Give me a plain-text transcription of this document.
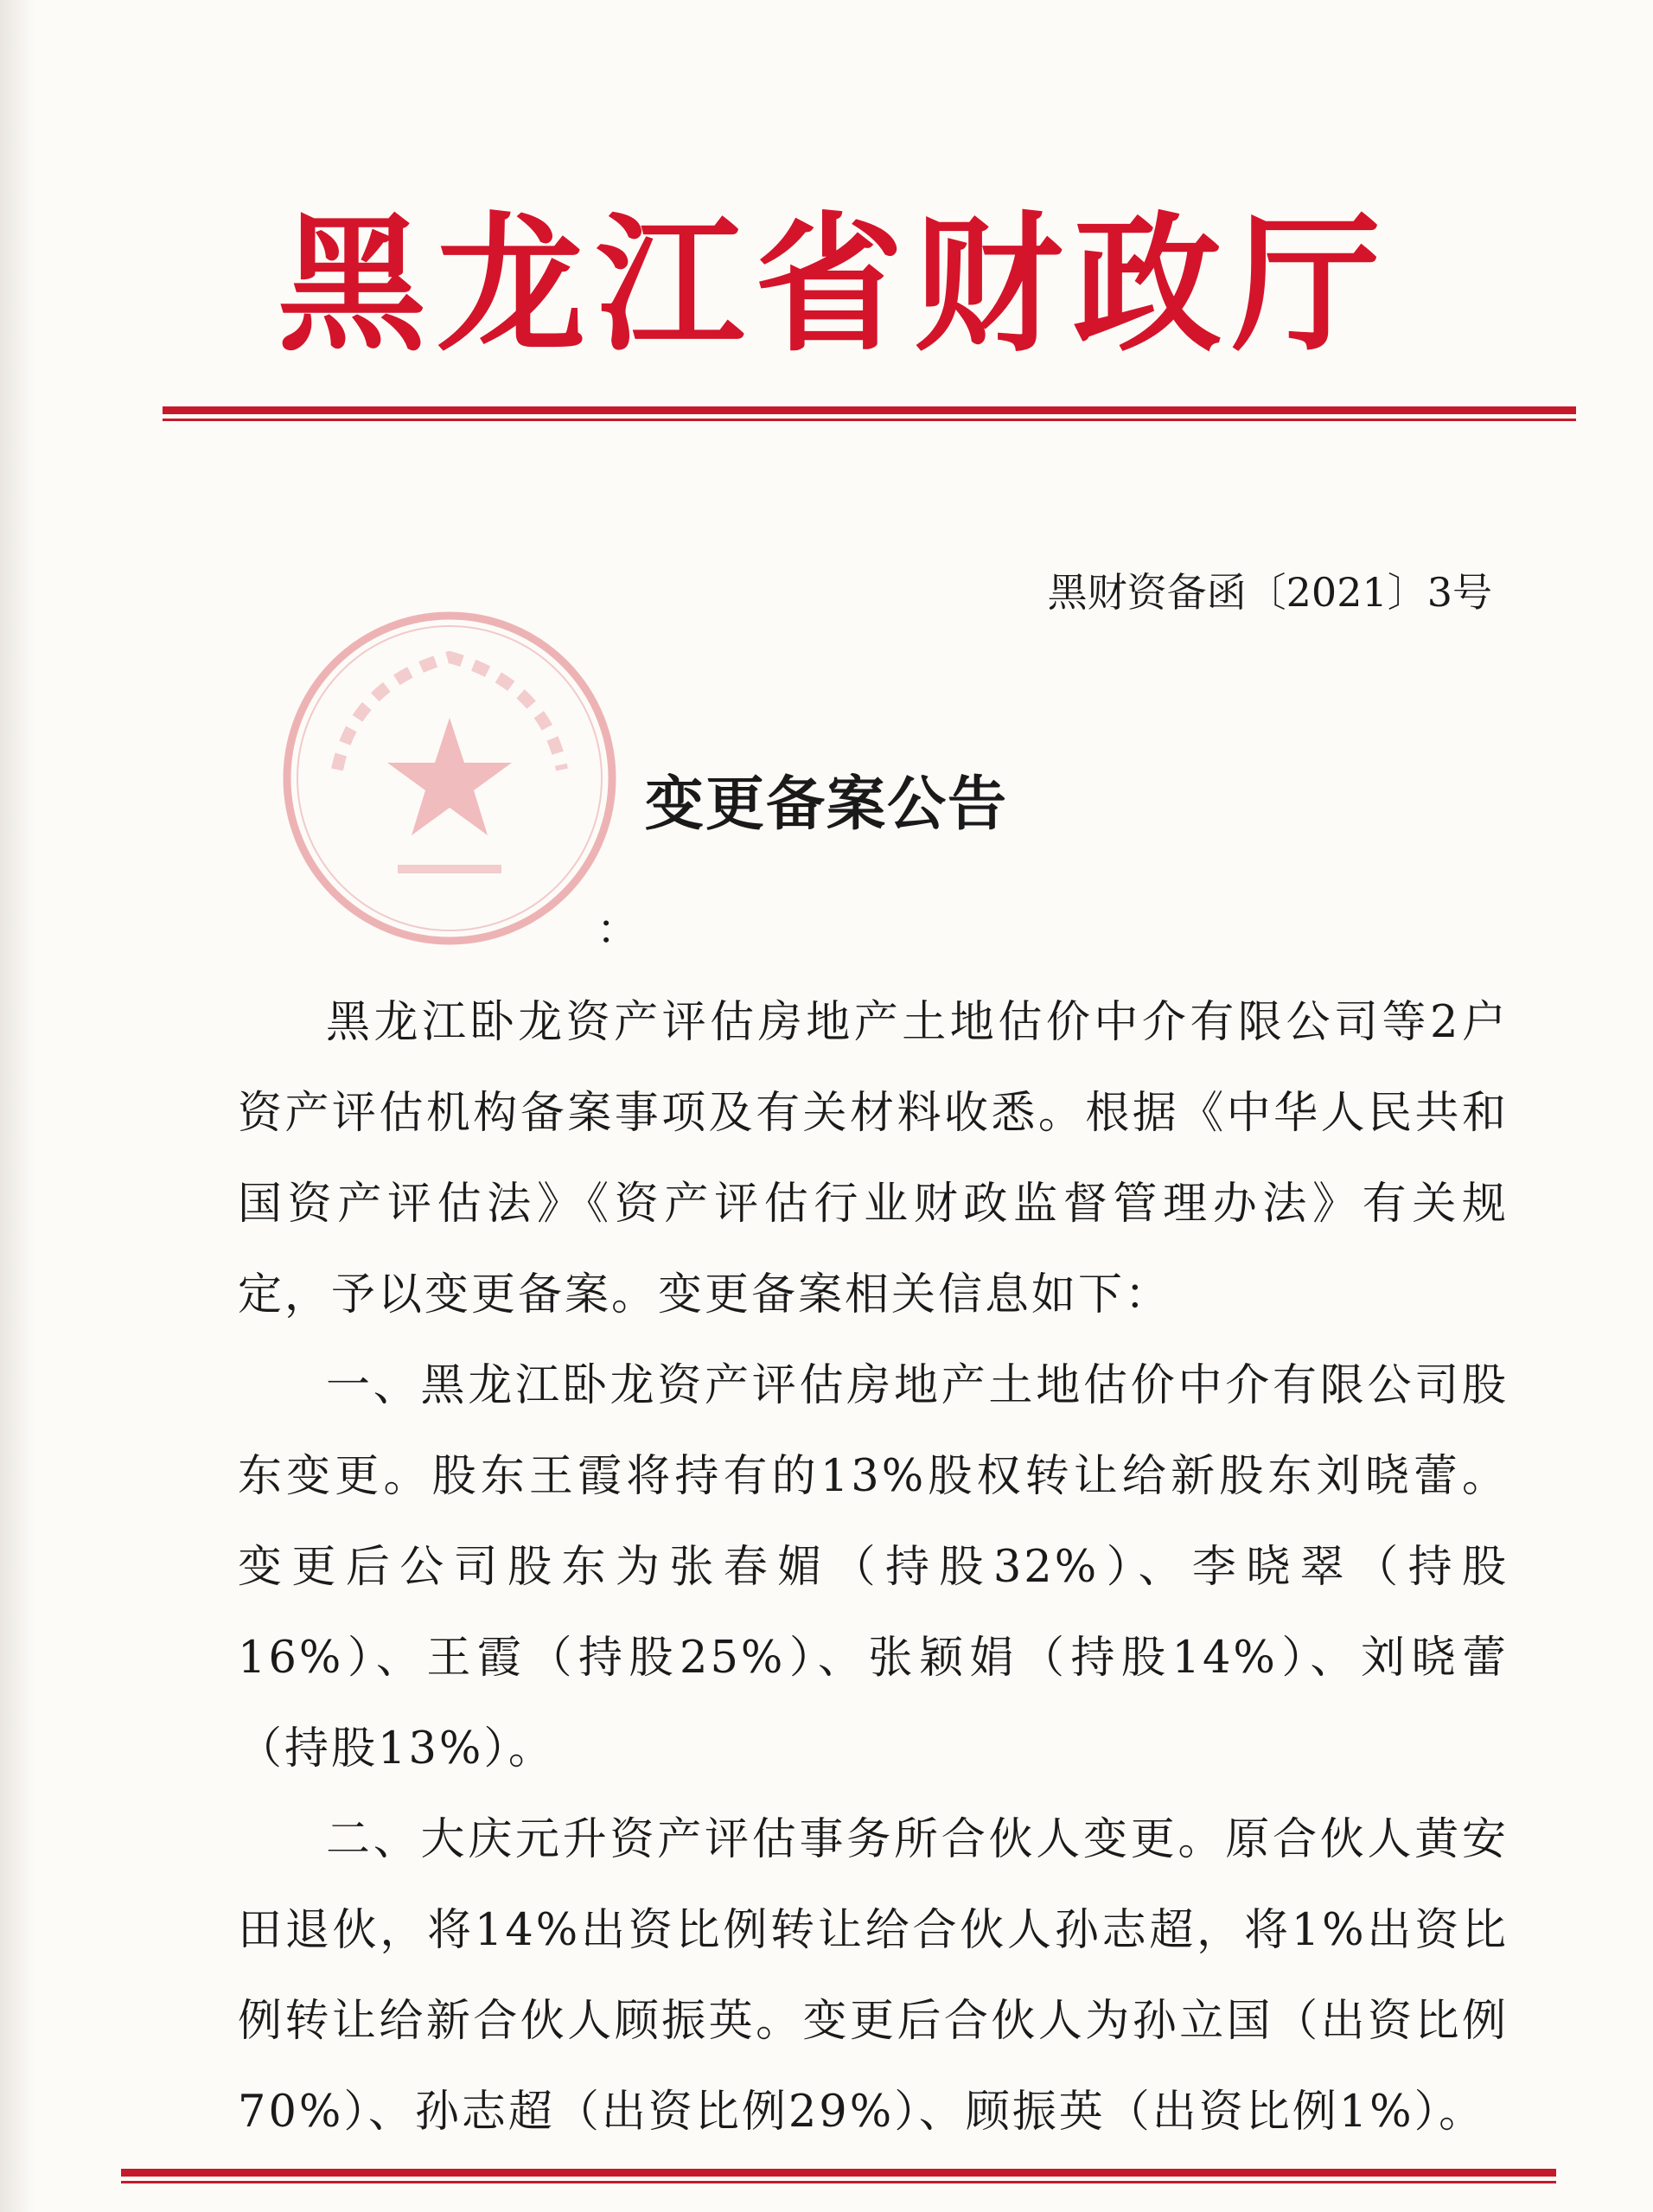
黑龙江省财政厅
黑财资备函〔2021〕3号
变更备案公告
：

黑龙江卧龙资产评估房地产土地估价中介有限公司等2户资产评估机构备案事项及有关材料收悉。根据《中华人民共和国资产评估法》《资产评估行业财政监督管理办法》有关规定，予以变更备案。变更备案相关信息如下：

一、黑龙江卧龙资产评估房地产土地估价中介有限公司股东变更。股东王霞将持有的13%股权转让给新股东刘晓蕾。变更后公司股东为张春媚（持股32%）、李晓翠（持股16%）、王霞（持股25%）、张颖娟（持股14%）、刘晓蕾（持股13%）。

二、大庆元升资产评估事务所合伙人变更。原合伙人黄安田退伙，将14%出资比例转让给合伙人孙志超，将1%出资比例转让给新合伙人顾振英。变更后合伙人为孙立国（出资比例70%）、孙志超（出资比例29%）、顾振英（出资比例1%）。
